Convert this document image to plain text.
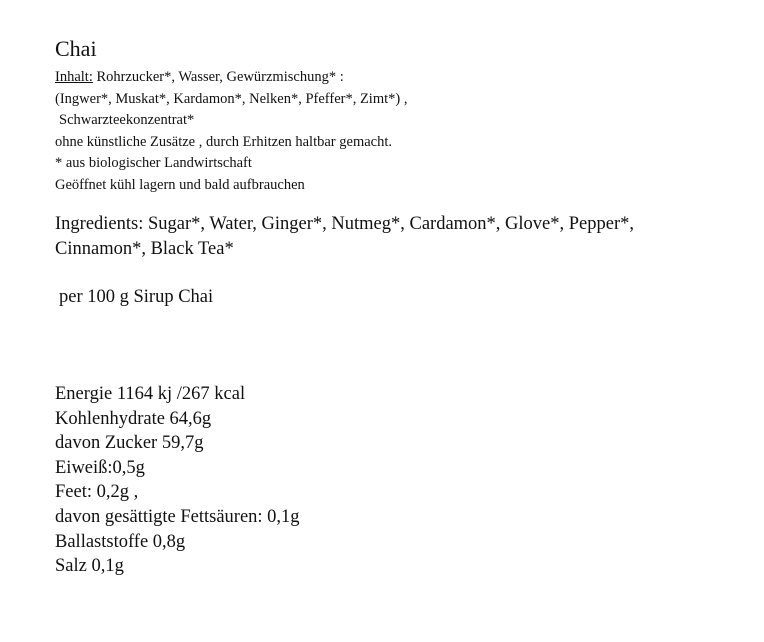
Chai
Inhalt: Rohrzucker*, Wasser, Gewürzmischung* :
(Ingwer*, Muskat*, Kardamon*, Nelken*, Pfeffer*, Zimt*) ,
Schwarzteekonzentrat*
ohne künstliche Zusätze , durch Erhitzen haltbar gemacht.
* aus biologischer Landwirtschaft
Geöffnet kühl lagern und bald aufbrauchen
Ingredients: Sugar*, Water, Ginger*, Nutmeg*, Cardamon*, Glove*, Pepper*,
Cinnamon*, Black Tea*
per 100 g Sirup Chai
Energie 1164 kj /267 kcal
Kohlenhydrate 64,6g
davon Zucker 59,7g
Eiweiß:0,5g
Feet: 0,2g ,
davon gesättigte Fettsäuren: 0,1g
Ballaststoffe 0,8g
Salz 0,1g
